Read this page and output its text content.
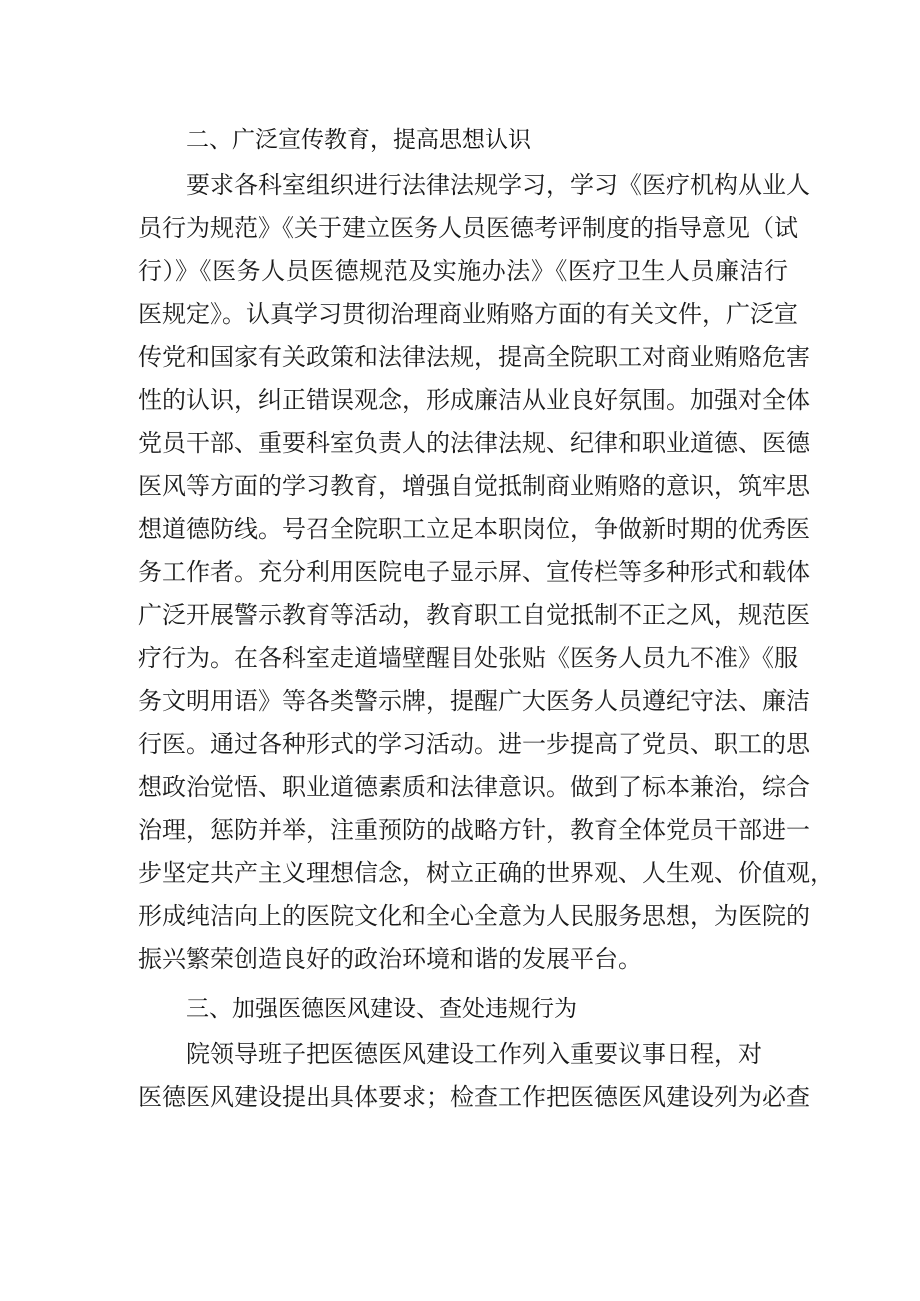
二、广泛宣传教育，提高思想认识

要求各科室组织进行法律法规学习，学习《医疗机构从业人

员行为规范》《关于建立医务人员医德考评制度的指导意见（试

行）》《医务人员医德规范及实施办法》《医疗卫生人员廉洁行

医规定》。认真学习贯彻治理商业贿赂方面的有关文件，广泛宣

传党和国家有关政策和法律法规，提高全院职工对商业贿赂危害

性的认识，纠正错误观念，形成廉洁从业良好氛围。加强对全体

党员干部、重要科室负责人的法律法规、纪律和职业道德、医德

医风等方面的学习教育，增强自觉抵制商业贿赂的意识，筑牢思

想道德防线。号召全院职工立足本职岗位，争做新时期的优秀医

务工作者。充分利用医院电子显示屏、宣传栏等多种形式和载体

广泛开展警示教育等活动，教育职工自觉抵制不正之风，规范医

疗行为。在各科室走道墙壁醒目处张贴《医务人员九不准》《服

务文明用语》等各类警示牌，提醒广大医务人员遵纪守法、廉洁

行医。通过各种形式的学习活动。进一步提高了党员、职工的思

想政治觉悟、职业道德素质和法律意识。做到了标本兼治，综合

治理，惩防并举，注重预防的战略方针，教育全体党员干部进一

步坚定共产主义理想信念，树立正确的世界观、人生观、价值观，

形成纯洁向上的医院文化和全心全意为人民服务思想，为医院的

振兴繁荣创造良好的政治环境和谐的发展平台。

三、加强医德医风建设、查处违规行为

院领导班子把医德医风建设工作列入重要议事日程，对

医德医风建设提出具体要求；检查工作把医德医风建设列为必查
